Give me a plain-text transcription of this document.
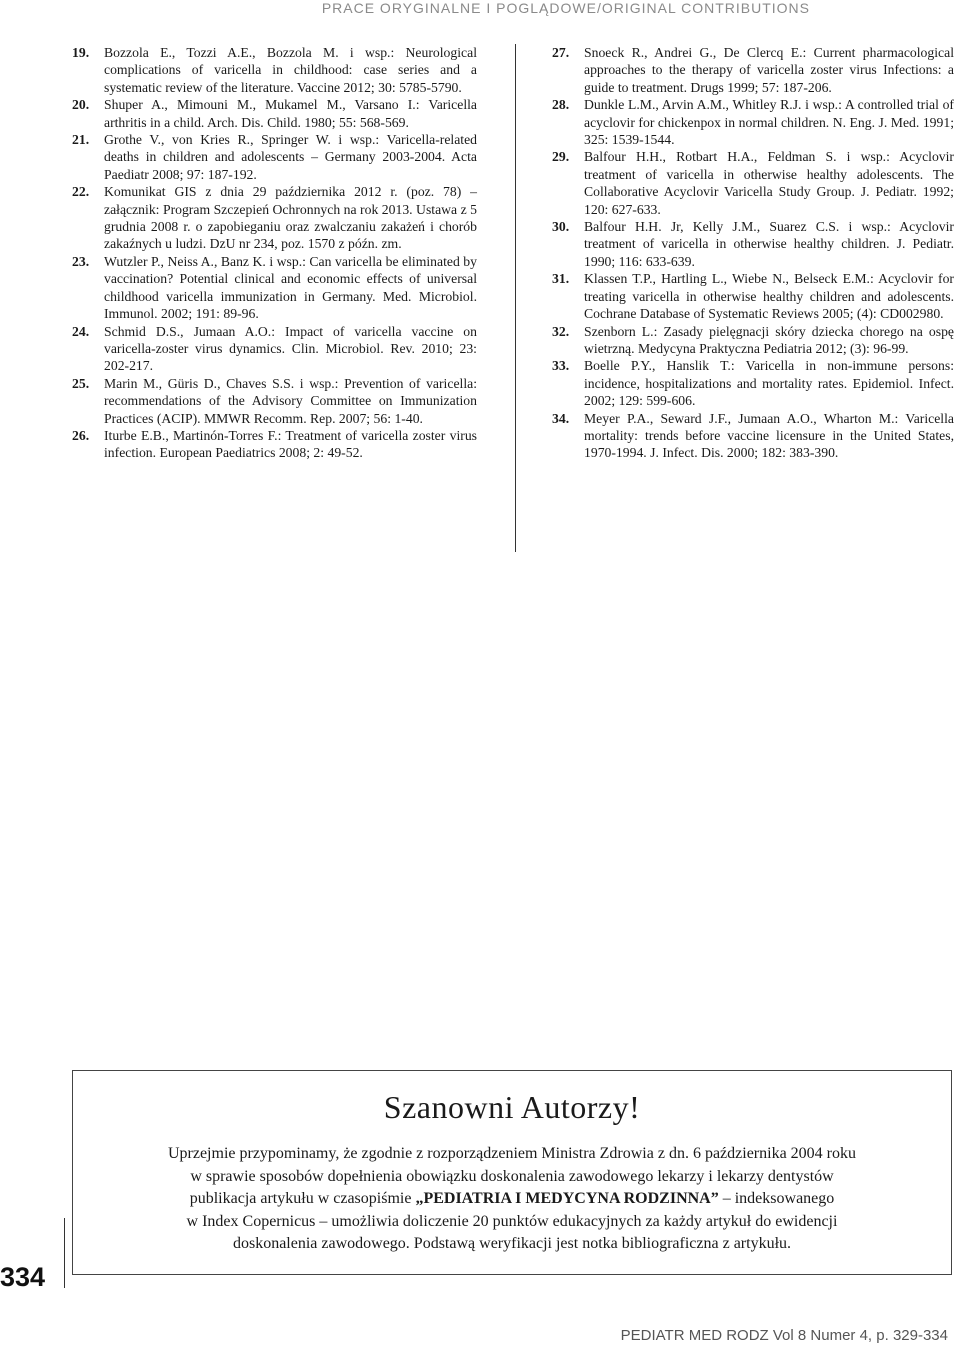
PRACE ORYGINALNE I POGLĄDOWE/ORIGINAL CONTRIBUTIONS
19.	Bozzola E., Tozzi A.E., Bozzola M. i wsp.: Neurological complications of varicella in childhood: case series and a systematic review of the literature. Vaccine 2012; 30: 5785-5790.
20.	Shuper A., Mimouni M., Mukamel M., Varsano I.: Varicella arthritis in a child. Arch. Dis. Child. 1980; 55: 568-569.
21.	Grothe V., von Kries R., Springer W. i wsp.: Varicella-related deaths in children and adolescents – Germany 2003-2004. Acta Paediatr 2008; 97: 187-192.
22.	Komunikat GIS z dnia 29 października 2012 r. (poz. 78) – załącznik: Program Szczepień Ochronnych na rok 2013. Ustawa z 5 grudnia 2008 r. o zapobieganiu oraz zwalczaniu zakażeń i chorób zakaźnych u ludzi. DzU nr 234, poz. 1570 z późn. zm.
23.	Wutzler P., Neiss A., Banz K. i wsp.: Can varicella be eliminated by vaccination? Potential clinical and economic effects of universal childhood varicella immunization in Germany. Med. Microbiol. Immunol. 2002; 191: 89-96.
24.	Schmid D.S., Jumaan A.O.: Impact of varicella vaccine on varicella-zoster virus dynamics. Clin. Microbiol. Rev. 2010; 23: 202-217.
25.	Marin M., Güris D., Chaves S.S. i wsp.: Prevention of varicella: recommendations of the Advisory Committee on Immunization Practices (ACIP). MMWR Recomm. Rep. 2007; 56: 1-40.
26.	Iturbe E.B., Martinón-Torres F.: Treatment of varicella zoster virus infection. European Paediatrics 2008; 2: 49-52.
27.	Snoeck R., Andrei G., De Clercq E.: Current pharmacological approaches to the therapy of varicella zoster virus Infections: a guide to treatment. Drugs 1999; 57: 187-206.
28.	Dunkle L.M., Arvin A.M., Whitley R.J. i wsp.: A controlled trial of acyclovir for chickenpox in normal children. N. Eng. J. Med. 1991; 325: 1539-1544.
29.	Balfour H.H., Rotbart H.A., Feldman S. i wsp.: Acyclovir treatment of varicella in otherwise healthy adolescents. The Collaborative Acyclovir Varicella Study Group. J. Pediatr. 1992; 120: 627-633.
30.	Balfour H.H. Jr, Kelly J.M., Suarez C.S. i wsp.: Acyclovir treatment of varicella in otherwise healthy children. J. Pediatr. 1990; 116: 633-639.
31.	Klassen T.P., Hartling L., Wiebe N., Belseck E.M.: Acyclovir for treating varicella in otherwise healthy children and adolescents. Cochrane Database of Systematic Reviews 2005; (4): CD002980.
32.	Szenborn L.: Zasady pielęgnacji skóry dziecka chorego na ospę wietrzną. Medycyna Praktyczna Pediatria 2012; (3): 96-99.
33.	Boelle P.Y., Hanslik T.: Varicella in non-immune persons: incidence, hospitalizations and mortality rates. Epidemiol. Infect. 2002; 129: 599-606.
34.	Meyer P.A., Seward J.F., Jumaan A.O., Wharton M.: Varicella mortality: trends before vaccine licensure in the United States, 1970-1994. J. Infect. Dis. 2000; 182: 383-390.
Szanowni Autorzy!
Uprzejmie przypominamy, że zgodnie z rozporządzeniem Ministra Zdrowia z dn. 6 października 2004 roku
w sprawie sposobów dopełnienia obowiązku doskonalenia zawodowego lekarzy i lekarzy dentystów
publikacja artykułu w czasopiśmie „PEDIATRIA I MEDYCYNA RODZINNA” – indeksowanego
w Index Copernicus – umożliwia doliczenie 20 punktów edukacyjnych za każdy artykuł do ewidencji
doskonalenia zawodowego. Podstawą weryfikacji jest notka bibliograficzna z artykułu.
334
PEDIATR MED RODZ Vol 8 Numer 4, p. 329-334
